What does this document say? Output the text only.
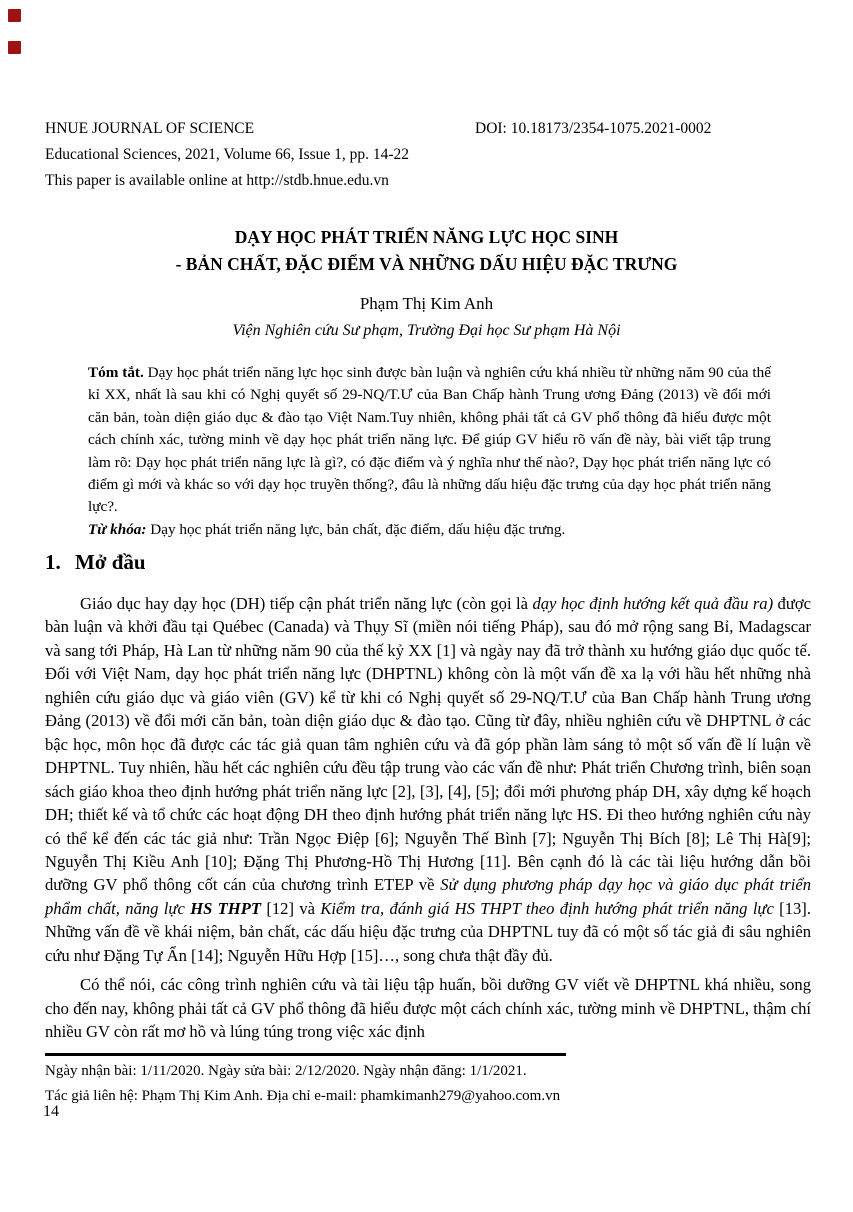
HNUE JOURNAL OF SCIENCE	DOI: 10.18173/2354-1075.2021-0002
Educational Sciences, 2021, Volume 66, Issue 1, pp. 14-22
This paper is available online at http://stdb.hnue.edu.vn
DẠY HỌC PHÁT TRIỂN NĂNG LỰC HỌC SINH
- BẢN CHẤT, ĐẶC ĐIỂM VÀ NHỮNG DẤU HIỆU ĐẶC TRƯNG
Phạm Thị Kim Anh
Viện Nghiên cứu Sư phạm, Trường Đại học Sư phạm Hà Nội

Tóm tắt. Dạy học phát triển năng lực học sinh được bàn luận và nghiên cứu khá nhiều từ những năm 90 của thế kỉ XX, nhất là sau khi có Nghị quyết số 29-NQ/T.Ư của Ban Chấp hành Trung ương Đảng (2013) về đổi mới căn bản, toàn diện giáo dục & đào tạo Việt Nam.Tuy nhiên, không phải tất cả GV phổ thông đã hiểu được một cách chính xác, tường minh về dạy học phát triển năng lực. Để giúp GV hiểu rõ vấn đề này, bài viết tập trung làm rõ: Dạy học phát triển năng lực là gì?, có đặc điểm và ý nghĩa như thế nào?, Dạy học phát triển năng lực có điểm gì mới và khác so với dạy học truyền thống?, đâu là những dấu hiệu đặc trưng của dạy học phát triển năng lực?.

Từ khóa: Dạy học phát triển năng lực, bản chất, đặc điểm, dấu hiệu đặc trưng.

1. Mở đầu

Giáo dục hay dạy học (DH) tiếp cận phát triển năng lực (còn gọi là dạy học định hướng kết quả đầu ra) được bàn luận và khởi đầu tại Québec (Canada) và Thụy Sĩ (miền nói tiếng Pháp), sau đó mở rộng sang Bỉ, Madagscar và sang tới Pháp, Hà Lan từ những năm 90 của thế kỷ XX [1] và ngày nay đã trở thành xu hướng giáo dục quốc tế. Đối với Việt Nam, dạy học phát triển năng lực (DHPTNL) không còn là một vấn đề xa lạ với hầu hết những nhà nghiên cứu giáo dục và giáo viên (GV) kể từ khi có Nghị quyết số 29-NQ/T.Ư của Ban Chấp hành Trung ương Đảng (2013) về đổi mới căn bản, toàn diện giáo dục & đào tạo. Cũng từ đây, nhiều nghiên cứu về DHPTNL ở các bậc học, môn học đã được các tác giả quan tâm nghiên cứu và đã góp phần làm sáng tỏ một số vấn đề lí luận về DHPTNL. Tuy nhiên, hầu hết các nghiên cứu đều tập trung vào các vấn đề như: Phát triển Chương trình, biên soạn sách giáo khoa theo định hướng phát triển năng lực [2], [3], [4], [5]; đổi mới phương pháp DH, xây dựng kế hoạch DH; thiết kế và tổ chức các hoạt động DH theo định hướng phát triển năng lực HS. Đi theo hướng nghiên cứu này có thể kể đến các tác giả như: Trần Ngọc Điệp [6]; Nguyễn Thế Bình [7]; Nguyễn Thị Bích [8]; Lê Thị Hà[9]; Nguyễn Thị Kiều Anh [10]; Đặng Thị Phương-Hồ Thị Hương [11]. Bên cạnh đó là các tài liệu hướng dẫn bồi dưỡng GV phổ thông cốt cán của chương trình ETEP về Sử dụng phương pháp dạy học và giáo dục phát triển phẩm chất, năng lực HS THPT [12] và Kiểm tra, đánh giá HS THPT theo định hướng phát triển năng lực [13]. Những vấn đề về khái niệm, bản chất, các dấu hiệu đặc trưng của DHPTNL tuy đã có một số tác giả đi sâu nghiên cứu như Đặng Tự Ẩn [14]; Nguyễn Hữu Hợp [15]…, song chưa thật đầy đủ.

Có thể nói, các công trình nghiên cứu và tài liệu tập huấn, bồi dưỡng GV viết về DHPTNL khá nhiều, song cho đến nay, không phải tất cả GV phổ thông đã hiểu được một cách chính xác, tường minh về DHPTNL, thậm chí nhiều GV còn rất mơ hồ và lúng túng trong việc xác định

Ngày nhận bài: 1/11/2020. Ngày sửa bài: 2/12/2020. Ngày nhận đăng: 1/1/2021.
Tác giả liên hệ: Phạm Thị Kim Anh. Địa chỉ e-mail: phamkimanh279@yahoo.com.vn
14
